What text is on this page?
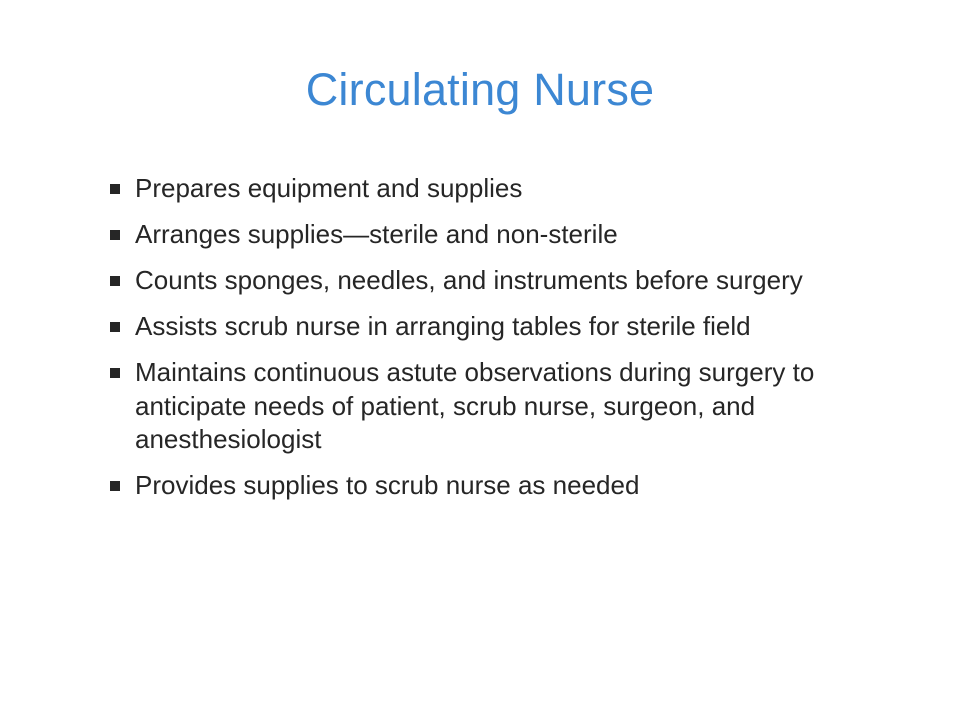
Circulating Nurse
Prepares equipment and supplies
Arranges supplies—sterile and non-sterile
Counts sponges, needles, and instruments before surgery
Assists scrub nurse in arranging tables for sterile field
Maintains continuous astute observations during surgery to anticipate needs of patient, scrub nurse, surgeon, and anesthesiologist
Provides supplies to scrub nurse as needed
